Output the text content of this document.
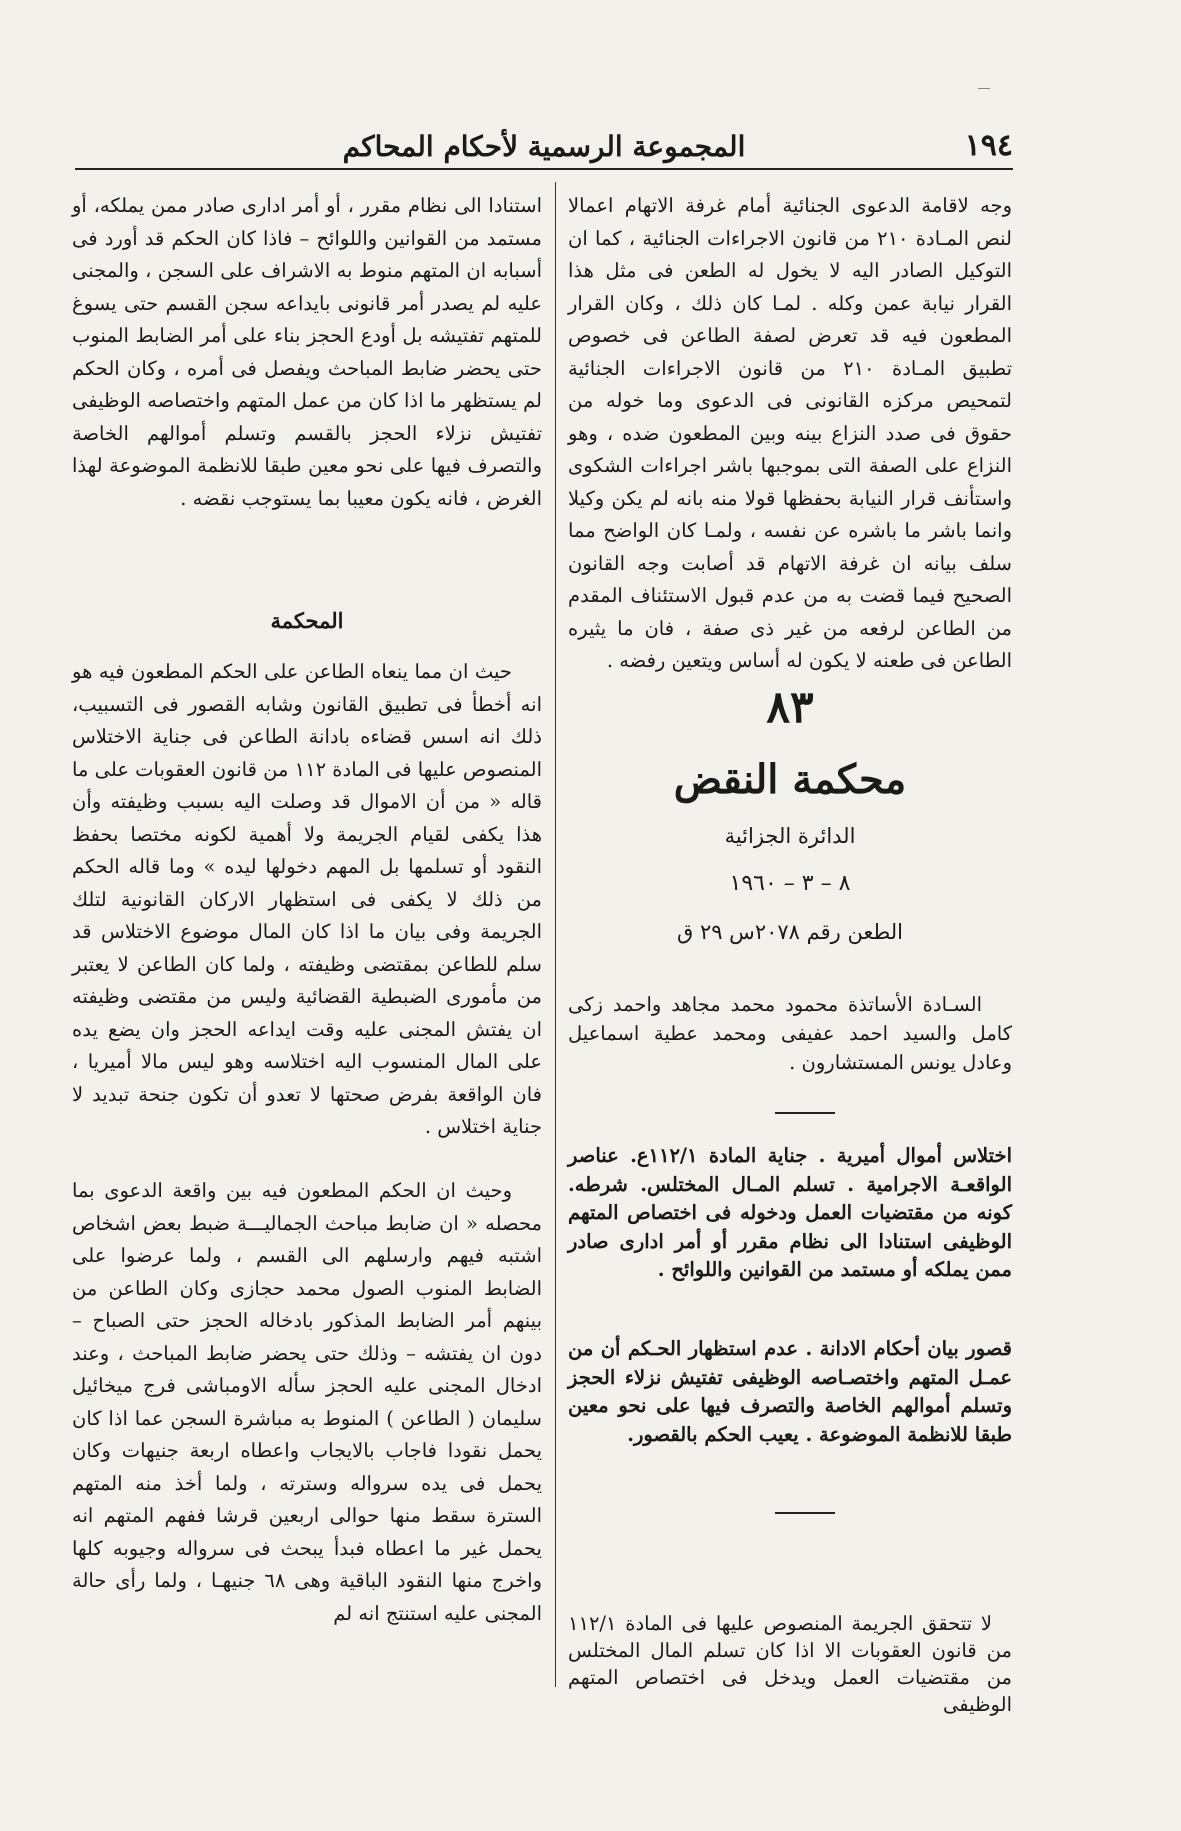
١٩٤
المجموعة الرسمية لأحكام المحاكم

وجه لاقامة الدعوى الجنائية أمام غرفة الاتهام اعمالا لنص المـادة ٢١٠ من قانون الاجراءات الجنائية ، كما ان التوكيل الصادر اليه لا يخول له الطعن فى مثل هذا القرار نيابة عمن وكله . لمـا كان ذلك ، وكان القرار المطعون فيه قد تعرض لصفة الطاعن فى خصوص تطبيق المـادة ٢١٠ من قانون الاجراءات الجنائية لتمحيص مركزه القانونى فى الدعوى وما خوله من حقوق فى صدد النزاع بينه وبين المطعون ضده ، وهو النزاع على الصفة التى بموجبها باشر اجراءات الشكوى واستأنف قرار النيابة بحفظها قولا منه بانه لم يكن وكيلا وانما باشر ما باشره عن نفسه ، ولمـا كان الواضح مما سلف بيانه ان غرفة الاتهام قد أصابت وجه القانون الصحيح فيما قضت به من عدم قبول الاستئناف المقدم من الطاعن لرفعه من غير ذى صفة ، فان ما يثيره الطاعن فى طعنه لا يكون له أساس ويتعين رفضه .

٨٣
محكمة النقض
الدائرة الجزائية
٨ – ٣ – ١٩٦٠
الطعن رقم ٢٠٧٨س ٢٩ ق

السـادة الأساتذة محمود محمد مجاهد واحمد زكى كامل والسيد احمد عفيفى ومحمد عطية اسماعيل وعادل يونس المستشارون .

اختلاس أموال أميرية . جناية المادة ١١٢/١ع. عناصر الواقعـة الاجرامية . تسلم المـال المختلس. شرطه. كونه من مقتضيات العمل ودخوله فى اختصاص المتهم الوظيفى استنادا الى نظام مقرر أو أمر ادارى صادر ممن يملكه أو مستمد من القوانين واللوائح .

قصور بيان أحكام الادانة . عدم استظهار الحـكم أن من عمـل المتهم واختصـاصه الوظيفى تفتيش نزلاء الحجز وتسلم أموالهم الخاصة والتصرف فيها على نحو معين طبقا للانظمة الموضوعة . يعيب الحكم بالقصور.

لا تتحقق الجريمة المنصوص عليها فى المادة ١١٢/١ من قانون العقوبات الا اذا كان تسلم المال المختلس من مقتضيات العمل ويدخل فى اختصاص المتهم الوظيفى

استنادا الى نظام مقرر ، أو أمر ادارى صادر ممن يملكه، أو مستمد من القوانين واللوائح – فاذا كان الحكم قد أورد فى أسبابه ان المتهم منوط به الاشراف على السجن ، والمجنى عليه لم يصدر أمر قانونى بايداعه سجن القسم حتى يسوغ للمتهم تفتيشه بل أودع الحجز بناء على أمر الضابط المنوب حتى يحضر ضابط المباحث ويفصل فى أمره ، وكان الحكم لم يستظهر ما اذا كان من عمل المتهم واختصاصه الوظيفى تفتيش نزلاء الحجز بالقسم وتسلم أموالهم الخاصة والتصرف فيها على نحو معين طبقا للانظمة الموضوعة لهذا الغرض ، فانه يكون معيبا بما يستوجب نقضه .

المحكمة

حيث ان مما ينعاه الطاعن على الحكم المطعون فيه هو انه أخطأ فى تطبيق القانون وشابه القصور فى التسبيب، ذلك انه اسس قضاءه بادانة الطاعن فى جناية الاختلاس المنصوص عليها فى المادة ١١٢ من قانون العقوبات على ما قاله « من أن الاموال قد وصلت اليه بسبب وظيفته وأن هذا يكفى لقيام الجريمة ولا أهمية لكونه مختصا بحفظ النقود أو تسلمها بل المهم دخولها ليده » وما قاله الحكم من ذلك لا يكفى فى استظهار الاركان القانونية لتلك الجريمة وفى بيان ما اذا كان المال موضوع الاختلاس قد سلم للطاعن بمقتضى وظيفته ، ولما كان الطاعن لا يعتبر من مأمورى الضبطية القضائية وليس من مقتضى وظيفته ان يفتش المجنى عليه وقت ايداعه الحجز وان يضع يده على المال المنسوب اليه اختلاسه وهو ليس مالا أميريا ، فان الواقعة بفرض صحتها لا تعدو أن تكون جنحة تبديد لا جناية اختلاس .

وحيث ان الحكم المطعون فيه بين واقعة الدعوى بما محصله « ان ضابط مباحث الجماليـــة ضبط بعض اشخاص اشتبه فيهم وارسلهم الى القسم ، ولما عرضوا على الضابط المنوب الصول محمد حجازى وكان الطاعن من بينهم أمر الضابط المذكور بادخاله الحجز حتى الصباح – دون ان يفتشه – وذلك حتى يحضر ضابط المباحث ، وعند ادخال المجنى عليه الحجز سأله الاومباشى فرج ميخائيل سليمان ( الطاعن ) المنوط به مباشرة السجن عما اذا كان يحمل نقودا فاجاب بالايجاب واعطاه اربعة جنيهات وكان يحمل فى يده سرواله وسترته ، ولما أخذ منه المتهم السترة سقط منها حوالى اربعين قرشا ففهم المتهم انه يحمل غير ما اعطاه فبدأ يبحث فى سرواله وجيوبه كلها واخرج منها النقود الباقية وهى ٦٨ جنيهـا ، ولما رأى حالة المجنى عليه استنتج انه لم
